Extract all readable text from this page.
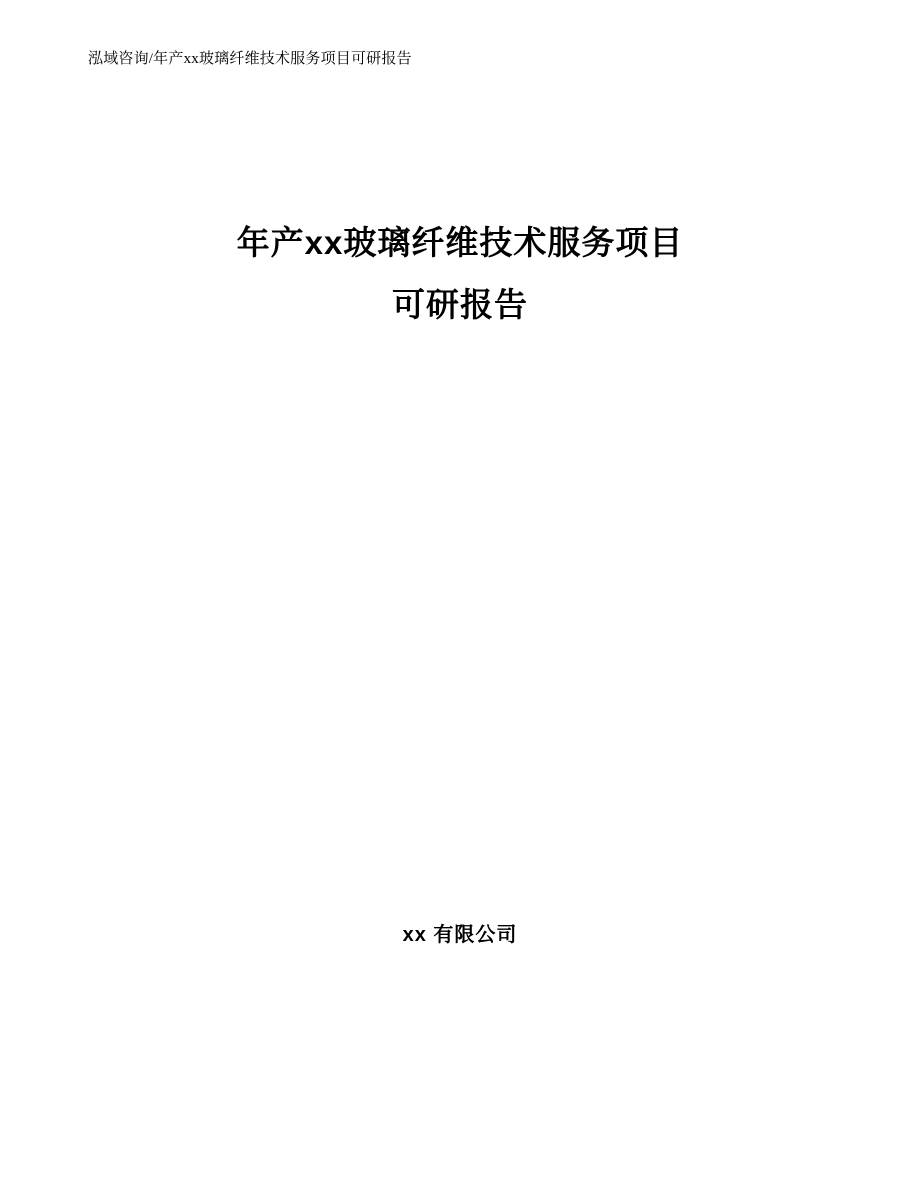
泓域咨询/年产xx玻璃纤维技术服务项目可研报告
年产xx玻璃纤维技术服务项目
可研报告
xx 有限公司
